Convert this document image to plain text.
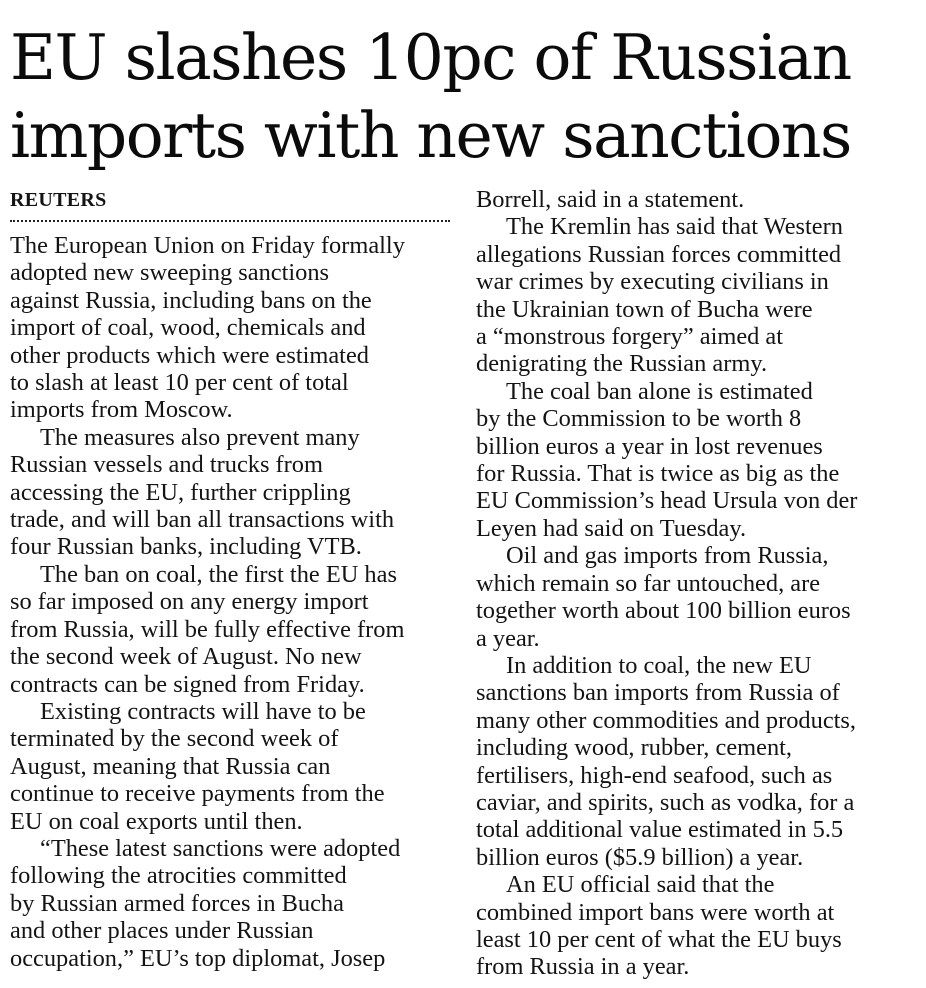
EU slashes 10pc of Russian
imports with new sanctions

REUTERS

The European Union on Friday formally
adopted new sweeping sanctions
against Russia, including bans on the
import of coal, wood, chemicals and
other products which were estimated
to slash at least 10 per cent of total
imports from Moscow.

The measures also prevent many
Russian vessels and trucks from
accessing the EU, further crippling
trade, and will ban all transactions with
four Russian banks, including VTB.

The ban on coal, the first the EU has
so far imposed on any energy import
from Russia, will be fully effective from
the second week of August. No new
contracts can be signed from Friday.

Existing contracts will have to be
terminated by the second week of
August, meaning that Russia can
continue to receive payments from the
EU on coal exports until then.

“These latest sanctions were adopted
following the atrocities committed
by Russian armed forces in Bucha
and other places under Russian
occupation,” EU’s top diplomat, Josep

Borrell, said in a statement.

The Kremlin has said that Western
allegations Russian forces committed
war crimes by executing civilians in
the Ukrainian town of Bucha were
a “monstrous forgery” aimed at
denigrating the Russian army.

The coal ban alone is estimated
by the Commission to be worth 8
billion euros a year in lost revenues
for Russia. That is twice as big as the
EU Commission’s head Ursula von der
Leyen had said on Tuesday.

Oil and gas imports from Russia,
which remain so far untouched, are
together worth about 100 billion euros
a year.

In addition to coal, the new EU
sanctions ban imports from Russia of
many other commodities and products,
including wood, rubber, cement,
fertilisers, high-end seafood, such as
caviar, and spirits, such as vodka, for a
total additional value estimated in 5.5
billion euros ($5.9 billion) a year.

An EU official said that the
combined import bans were worth at
least 10 per cent of what the EU buys
from Russia in a year.
